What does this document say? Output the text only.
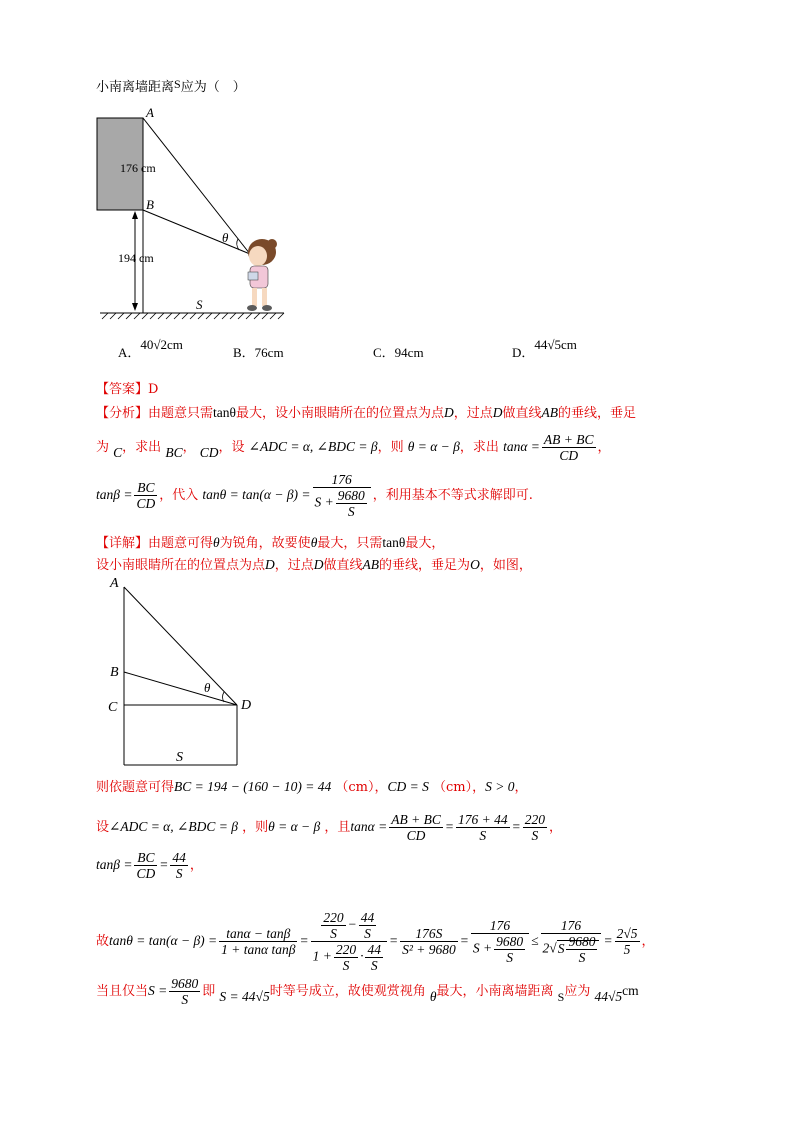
小南离墙距离S应为（　）
A
B
θ
S
176 cm
194 cm
A．40√2cm
B．76cm	C．94cm	D．44√5cm
【答案】D
【分析】由题意只需tanθ最大，设小南眼睛所在的位置点为点D，过点D做直线AB的垂线，垂足
为 C，求出 BC， CD，设 ∠ADC = α, ∠BDC = β，则 θ = α − β，求出 $\tan\alpha = \frac{AB + BC}{CD}$ ，
$\tan\beta = \frac{BC}{CD}$ ，代入 $\tan\theta = \tan(\alpha - \beta) = \frac{176}{S + \frac{9680}{S}}$ ，利用基本不等式求解即可.
【详解】由题意可得θ为锐角，故要使θ最大，只需tanθ最大，
设小南眼睛所在的位置点为点D，过点D做直线AB的垂线，垂足为O，如图，
A
B
C	D
θ
S
则依题意可得BC = 194 − (160 − 10) = 44 （cm），CD = S （cm），S > 0，
设∠ADC = α, ∠BDC = β ，则θ = α − β ，且$\tan\alpha = \frac{AB + BC}{CD} = \frac{176 + 44}{S} = \frac{220}{S}$ ，
$\tan\beta = \frac{BC}{CD} = \frac{44}{S}$ ，
故$\tan\theta = \tan(\alpha - \beta) = \frac{\tan\alpha - \tan\beta}{\text{1 + tanα tanβ}} = \frac{\frac{220}{S} - \frac{44}{S}}{1 + \frac{220}{S} \cdot \frac{44}{S}} = \frac{176S}{\text{S² + 9680}} = \frac{176}{S + \frac{9680}{S}} \le \frac{176}{2√S \frac{9680}{S}} = \frac{2√5}{5}$ ，
当且仅当$S = \frac{9680}{S}$ 即 S = 44√5时等号成立，故使观赏视角 θ最大，小南离墙距离 S应为 44√5cm
